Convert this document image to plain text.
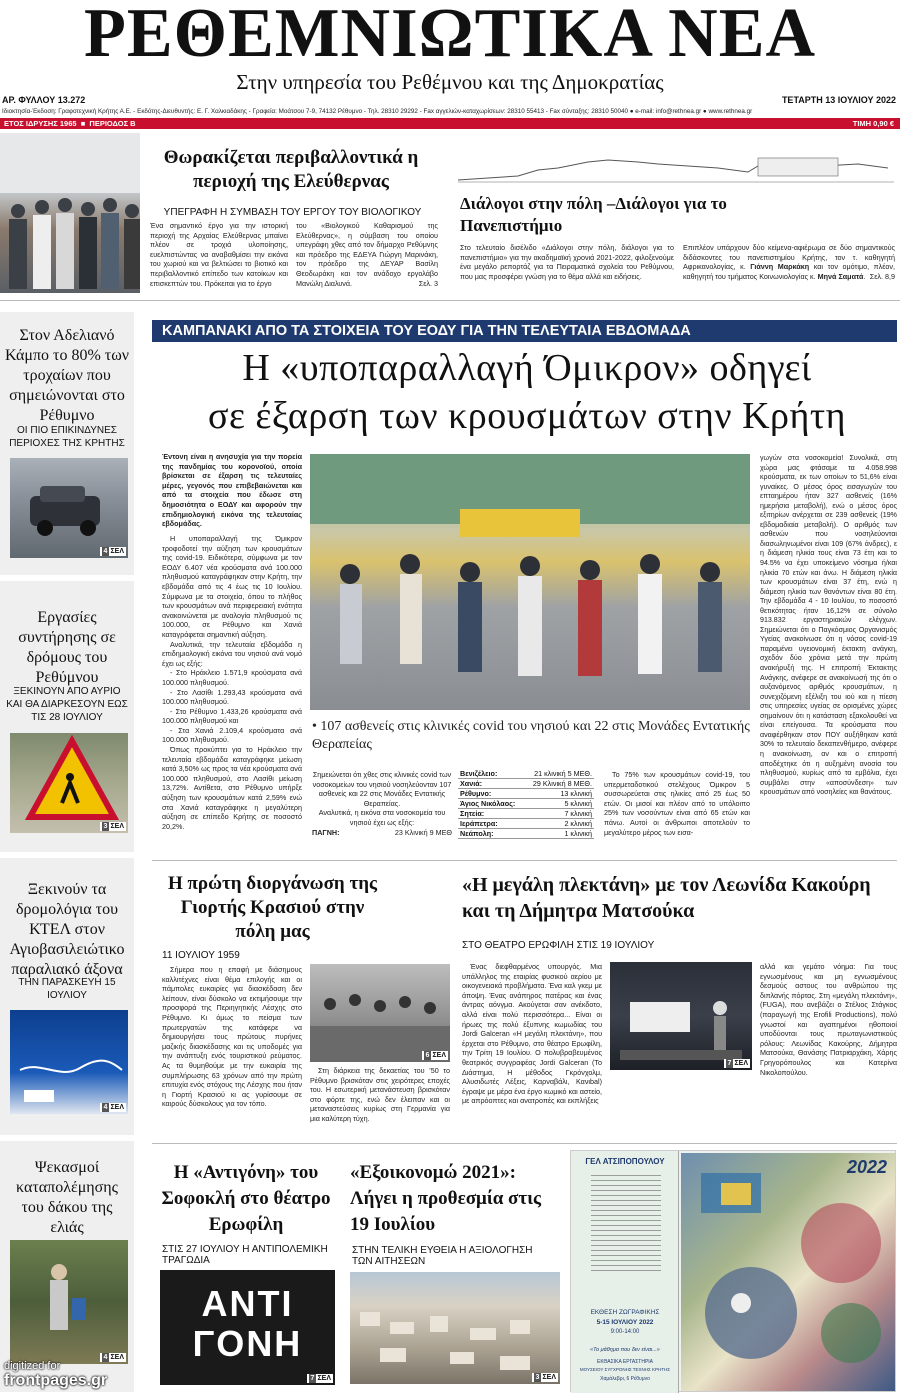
ΡΕΘΕΜΝΙΩΤΙΚΑ ΝΕΑ
Στην υπηρεσία του Ρεθέμνου και της Δημοκρατίας
ΑΡ. ΦΥΛΛΟΥ 13.272	ΤΕΤΑΡΤΗ 13 ΙΟΥΛΙΟΥ 2022
Ιδιοκτησία-Έκδοση: Γραφοτεχνική Κρήτης Α.Ε. - Εκδότης-Διευθυντής: Ε. Γ. Χαλκιαδάκης - Γραφεία: Μοάτσου 7-9, 74132 Ρέθυμνο - Τηλ. 28310 29292 - Fax αγγελιών-καταχωρίσεων: 28310 55413 - Fax σύνταξης: 28310 50040 ● e-mail: info@rethnea.gr ● www.rethnea.gr
ΕΤΟΣ ΙΔΡΥΣΗΣ 1965  ■  ΠΕΡΙΟΔΟΣ Β	ΤΙΜΗ 0,90 €
Θωρακίζεται περιβαλλοντικά η περιοχή της Ελεύθερνας
ΥΠΕΓΡΑΦΗ Η ΣΥΜΒΑΣΗ ΤΟΥ ΕΡΓΟΥ ΤΟΥ ΒΙΟΛΟΓΙΚΟΥ
Ένα σημαντικό έργο για την ιστορική περιοχή της Αρχαίας Ελεύθερνας μπαίνει πλέον σε τροχιά υλοποίησης, ευελπιστώντας να αναβαθμίσει την εικόνα του χωριού και να βελτιώσει το βιοτικό και περιβαλλοντικό επίπεδο των κατοίκων και επισκεπτών του. Πρόκειται για το έργο
του «Βιολογικού Καθαρισμού της Ελεύθερνας», η σύμβαση του οποίου υπεγράφη χθες από τον δήμαρχο Ρεθύμνης και πρόεδρο της ΕΔΕΥΑ Γιώργη Μαρινάκη, τον πρόεδρο της ΔΕΥΑΡ Βασίλη Θεοδωράκη και τον ανάδοχο εργολάβο Μανώλη Διαλυνά.	Σελ. 3
Διάλογοι στην πόλη –Διάλογοι για το Πανεπιστήμιο
Στο τελευταίο δισέλιδο «Διάλογοι στην πόλη, διάλογοι για το πανεπιστήμιο» για την ακαδημαϊκή χρονιά 2021-2022, φιλοξενούμε ένα μεγάλο ρεπορτάζ για τα Πειραματικά σχολεία του Ρεθύμνου, που μας προσφέρει γνώση για το θέμα αλλά και ειδήσεις.
Επιπλέον υπάρχουν δύο κείμενα-αφιέρωμα σε δύο σημαντικούς διδάσκοντες του πανεπιστημίου Κρήτης, τον τ. καθηγητή Αφρικανολογίας, κ. Γιάννη Μαρκάκη και τον ομότιμο, πλέον, καθηγητή του τμήματος Κοινωνιολογίας κ. Μηνά Σαματά. Σελ. 8,9
Στον Αδελιανό Κάμπο το 80% των τροχαίων που σημειώνονται στο Ρέθυμνο
ΟΙ ΠΙΟ ΕΠΙΚΙΝΔΥΝΕΣ ΠΕΡΙΟΧΕΣ ΤΗΣ ΚΡΗΤΗΣ
4 ΣΕΛ
Εργασίες συντήρησης σε δρόμους του Ρεθύμνου
ΞΕΚΙΝΟΥΝ ΑΠΟ ΑΥΡΙΟ ΚΑΙ ΘΑ ΔΙΑΡΚΕΣΟΥΝ ΕΩΣ ΤΙΣ 28 ΙΟΥΛΙΟΥ
3 ΣΕΛ
Ξεκινούν τα δρομολόγια του ΚΤΕΛ στον Αγιοβασιλειώτικο παραλιακό άξονα
ΤΗΝ ΠΑΡΑΣΚΕΥΗ 15 ΙΟΥΛΙΟΥ
4 ΣΕΛ
Ψεκασμοί καταπολέμησης του δάκου της ελιάς
4 ΣΕΛ
ΚΑΜΠΑΝΑΚΙ ΑΠΟ ΤΑ ΣΤΟΙΧΕΙΑ ΤΟΥ ΕΟΔΥ ΓΙΑ ΤΗΝ ΤΕΛΕΥΤΑΙΑ ΕΒΔΟΜΑΔΑ
Η «υποπαραλλαγή Όμικρον» οδηγεί
σε έξαρση των κρουσμάτων στην Κρήτη
Έντονη είναι η ανησυχία για την πορεία της πανδημίας του κορονοϊού, οποία βρίσκεται σε έξαρση τις τελευταίες μέρες, γεγονός που επιβεβαιώνεται και από τα στοιχεία που έδωσε στη δημοσιότητα ο ΕΟΔΥ και αφορούν την επιδημιολογική εικόνα της τελευταίας εβδομάδας.

Η υποπαραλλαγή της Όμικρον τροφοδοτεί την αύξηση των κρουσμάτων της covid-19. Ειδικότερα, σύμφωνα με τον ΕΟΔΥ 6.407 νέα κρούσματα ανά 100.000 πληθυσμού καταγράφηκαν στην Κρήτη, την εβδομάδα από τις 4 έως τις 10 Ιουλίου. Σύμφωνα με τα στοιχεία, όπου το πλήθος των κρουσμάτων ανά περιφερειακή ενότητα ανακοινώνεται με αναλογία πληθυσμού τις 100.000, σε Ρέθυμνο και Χανιά καταγράφεται σημαντική αύξηση.

Αναλυτικά, την τελευταία εβδομάδα η επιδημιολογική εικόνα του νησιού ανά νομό έχει ως εξής:

- Στο Ηράκλειο 1.571,9 κρούσματα ανά 100.000 πληθυσμού.

- Στο Λασίθι 1.293,43 κρούσματα ανά 100.000 πληθυσμού.

- Στο Ρέθυμνο 1.433,26 κρούσματα ανά 100.000 πληθυσμού και

- Στα Χανιά 2.109,4 κρούσματα ανά 100.000 πληθυσμού.

Όπως προκύπτει για το Ηράκλειο την τελευταία εβδομάδα καταγράφηκε μείωση κατά 3,50% ως προς τα νέα κρούσματα ανά 100.000 πληθυσμού, στο Λασίθι μείωση 13,72%. Αντίθετα, στο Ρέθυμνο υπήρξε αύξηση των κρουσμάτων κατά 2,59% ενώ στα Χανιά καταγράφηκε η μεγαλύτερη αύξηση σε επίπεδο Κρήτης σε ποσοστό 20,2%.

• 107 ασθενείς στις κλινικές covid του νησιού και 22 στις Μονάδες Εντατικής Θεραπείας

Σημειώνεται ότι χθες στις κλινικές covid των νοσοκομείων του νησιού νοσηλεύονταν 107 ασθενείς και 22 στις Μονάδες Εντατικής Θεραπείας.

Αναλυτικά, η εικόνα στα νοσοκομεία του νησιού έχει ως εξής:

ΠΑΓΝΗ:	23 Κλινική 9 ΜΕΘ

Βενιζέλειο:	21 κλινική 5 ΜΕΘ.
Χανιά:	29 Κλινική 8 ΜΕΘ.
Ρέθυμνο:	13 κλινική
Άγιος Νικόλαος:	5 κλινική
Σητεία:	7 κλινική
Ιεράπετρα:	2 κλινική
Νεάπολη:	1 κλινική
Το 75% των κρουσμάτων covid-19, του υπερμεταδοτικού στελέχους Όμικρον 5 συσσωρεύεται στις ηλικίες από 25 έως 50 ετών. Οι μισοί και πλέον από το υπόλοιπο 25% των νοσούντων είναι από 65 ετών και πάνω. Αυτοί οι άνθρωποι αποτελούν το μεγαλύτερο μέρος των εισα-
γωγών στα νοσοκομεία! Συνολικά, στη χώρα μας φτάσαμε τα 4.058.998 κρούσματα, εκ των οποίων το 51,6% είναι γυναίκες. Ο μέσος όρος εισαγωγών του επταημέρου ήταν 327 ασθενείς (16% ημερήσια μεταβολή), ενώ ο μέσος όρος εξιτηρίων ανέρχεται σε 239 ασθενείς (19% εβδομαδιαία μεταβολή). Ο αριθμός των ασθενών που νοσηλεύονται διασωληνωμένοι είναι 109 (67% άνδρες), ε η διάμεση ηλικία τους είναι 73 έτη και το 94.5% να έχει υποκείμενο νόσημα ή/και ηλικία 70 ετών και άνω. Η διάμεση ηλικία των κρουσμάτων είναι 37 έτη, ενώ η διάμεση ηλικία των θανόντων είναι 80 έτη. Την εβδομάδα 4 - 10 Ιουλίου, το ποσοστό θετικότητας ήταν 16,12% σε σύνολο 913.832 εργαστηριακών ελέγχων. Σημειώνεται ότι ο Παγκόσμιος Οργανισμός Υγείας ανακοίνωσε ότι η νόσος covid-19 παραμένει υγειονομική έκτακτη ανάγκη, σχεδόν δύο χρόνια μετά την πρώτη ανακήρυξή της. Η επιτροπή Έκτακτης Ανάγκης, ανέφερε σε ανακοίνωσή της ότι ο αυξανόμενος αριθμός κρουσμάτων, η συνεχιζόμενη εξέλιξη του ιού και η πίεση στις υπηρεσίες υγείας σε ορισμένες χώρες σημαίνουν ότι η κατάσταση εξακολουθεί να είναι επείγουσα. Τα κρούσματα που αναφέρθηκαν στον ΠΟΥ αυξήθηκαν κατά 30% το τελευταίο δεκαπενθήμερο, ανέφερε η ανακοίνωση, αν και ο επιτροπή αποδέχτηκε ότι η αυξημένη ανοσία του πληθυσμού, κυρίως από τα εμβόλια, έχει συμβάλει στην «αποσύνδεση» των κρουσμάτων από νοσηλείες και θανάτους.
Η πρώτη διοργάνωση της Γιορτής Κρασιού στην πόλη μας
11 ΙΟΥΛΙΟΥ 1959
Σήμερα που η επαφή με διάσημους καλλιτέχνες είναι θέμα επιλογής και οι πάμπολες ευκαιρίες για διασκέδαση δεν λείπουν, είναι δύσκολο να εκτιμήσουμε την προσφορά της Περιηγητικής Λέσχης στο Ρέθυμνο. Κι όμως το πείσμα των πρωτεργατών της κατάφερε να δημιουργήσει τους πρώτους πυρήνες μαζικής διασκέδασης και τις υποδομές για την ανάπτυξη ενός τουριστικού ρεύματος. Ας τα θυμηθούμε με την ευκαιρία της συμπλήρωσης 63 χρόνων από την πρώτη επιτυχία ενός στόχους της Λέσχης που ήταν η Γιορτή Κρασιού κι ας γυρίσουμε σε καιρούς δύσκολους για τον τόπο.
6 ΣΕΛ
Στη διάρκεια της δεκαετίας του ’50 το Ρέθυμνο βρισκόταν στις χειρότερες εποχές του. Η εσωτερική μετανάστευση βρισκόταν στο φόρτε της, ενώ δεν έλειπαν και οι μεταναστεύσεις κυρίως στη Γερμανία για μια καλύτερη τύχη.
«Η μεγάλη πλεκτάνη» με τον Λεωνίδα Κακούρη και τη Δήμητρα Ματσούκα
ΣΤΟ ΘΕΑΤΡΟ ΕΡΩΦΙΛΗ ΣΤΙΣ 19 ΙΟΥΛΙΟΥ
Ένας διεφθαρμένος υπουργός. Μια υπάλληλος της εταιρίας φυσικού αερίου με οικογενειακά προβλήματα. Ένα καλ γκεμ με άποψη. Ένας ανάπηρος πατέρας και ένας άντρας αόνγμα. Ακούγεται σαν ανέκδοτο, αλλά είναι πολύ περισσότερα... Είναι οι ήρωες της πολύ έξυπνης κωμωδίας του Jordi Galceran «Η μεγάλη πλεκτάνη», που έρχεται στο Ρέθυμνο, στο θέατρο Ερωφίλη, την Τρίτη 19 Ιουλίου. Ο πολυβραβευμένος θεατρικός συγγραφέας Jordi Galceran (Το Διάστημα, Η μέθοδος Γκρόνχολμ, Αλυσιδωτές Λέξεις, Καρναβάλι, Κανιbal) έγραψε με μέρα ένα έργο κωμικό και αστείο, με απρόοπτες και ανατροπές και εκπλήξεις
7 ΣΕΛ
αλλά και γεμάτο νόημα: Για τους εγνωσμένους και μη εγνωσμένους δεσμούς αστους του ανθρώπου της διπλανής πόρτας. Στη «μεγάλη πλεκτάνη», (FUGA), που ανεβάζει ο Στέλιος Στάγκος (παραγωγή της Erofili Productions), πολύ γνωστοί και αγαπημένοι ηθοποιοί υποδύονται τους πρωταγωνιστικούς ρόλους: Λεωνίδας Κακούρης, Δήμητρα Ματσούκα, Θανάσης Πατριαρχάκη, Χάρης Γρηγορόπουλος και Κατερίνα Νικολοπούλου.
Η «Αντιγόνη» του Σοφοκλή στο θέατρο Ερωφίλη
ΣΤΙΣ 27 ΙΟΥΛΙΟΥ Η ΑΝΤΙΠΟΛΕΜΙΚΗ ΤΡΑΓΩΔΙΑ
ΑΝΤΙ ΓΟΝΗ
7 ΣΕΛ
«Εξοικονομώ 2021»: Λήγει η προθεσμία στις 19 Ιουλίου
ΣΤΗΝ ΤΕΛΙΚΗ ΕΥΘΕΙΑ Η ΑΞΙΟΛΟΓΗΣΗ ΤΩΝ ΑΙΤΗΣΕΩΝ
3 ΣΕΛ
ΓΕΛ ΑΤΣΙΠΟΠΟΥΛΟΥ
ΕΚΘΕΣΗ ΖΩΓΡΑΦΙΚΗΣ
5-15 ΙΟΥΛΙΟΥ 2022
9:00-14:00
«Το μάθημα που δεν είναι...»
ΕΚΘΑΣΙΚΑ ΕΡΓΑΣΤΗΡΙΑ
ΜΟΥΣΕΙΟΥ ΣΥΓΧΡΟΝΗΣ ΤΕΧΝΗΣ ΚΡΗΤΗΣ
Χαμάλεβρι, 6 Ρέθυμνο
2022
digitized for
frontpages.gr
